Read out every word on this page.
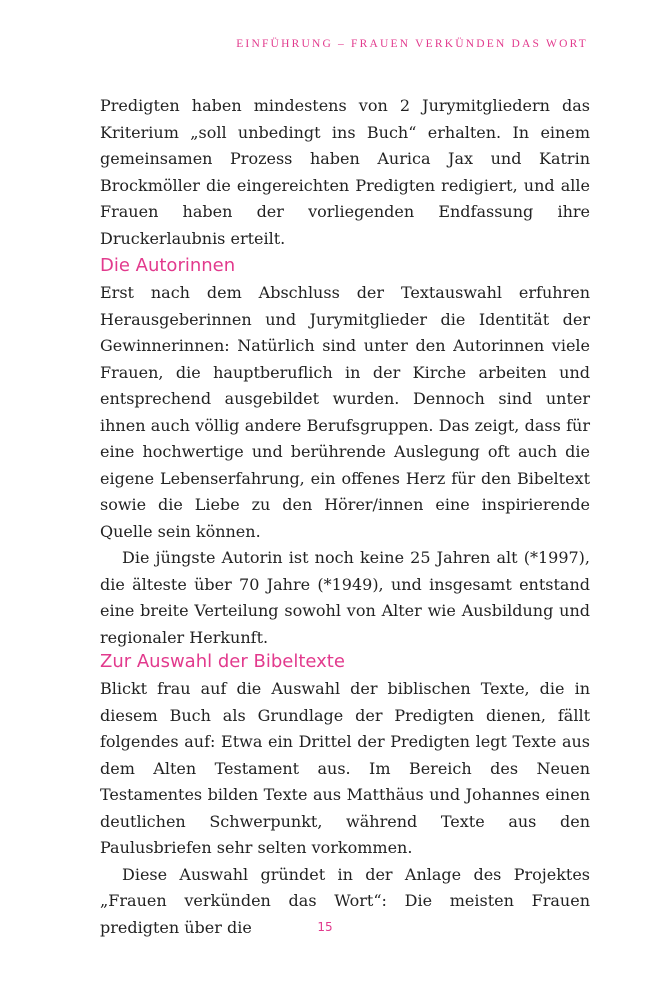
EINFÜHRUNG – FRAUEN VERKÜNDEN DAS WORT

Predigten haben mindestens von 2 Jurymitgliedern das Kriterium „soll unbedingt ins Buch“ erhalten. In einem gemeinsamen Prozess haben Aurica Jax und Katrin Brockmöller die eingereichten Predigten redigiert, und alle Frauen haben der vorliegenden Endfassung ihre Druckerlaubnis erteilt.

Die Autorinnen

Erst nach dem Abschluss der Textauswahl erfuhren Herausgeberinnen und Jurymitglieder die Identität der Gewinnerinnen: Natürlich sind unter den Autorinnen viele Frauen, die hauptberuflich in der Kirche arbeiten und entsprechend ausgebildet wurden. Dennoch sind unter ihnen auch völlig andere Berufsgruppen. Das zeigt, dass für eine hochwertige und berührende Auslegung oft auch die eigene Lebenserfahrung, ein offenes Herz für den Bibeltext sowie die Liebe zu den Hörer/innen eine inspirierende Quelle sein können.

Die jüngste Autorin ist noch keine 25 Jahren alt (*1997), die älteste über 70 Jahre (*1949), und insgesamt entstand eine breite Verteilung sowohl von Alter wie Ausbildung und regionaler Herkunft.

Zur Auswahl der Bibeltexte

Blickt frau auf die Auswahl der biblischen Texte, die in diesem Buch als Grundlage der Predigten dienen, fällt folgendes auf: Etwa ein Drittel der Predigten legt Texte aus dem Alten Testament aus. Im Bereich des Neuen Testamentes bilden Texte aus Matthäus und Johannes einen deutlichen Schwerpunkt, während Texte aus den Paulusbriefen sehr selten vorkommen.

Diese Auswahl gründet in der Anlage des Projektes „Frauen verkünden das Wort“: Die meisten Frauen predigten über die	15
